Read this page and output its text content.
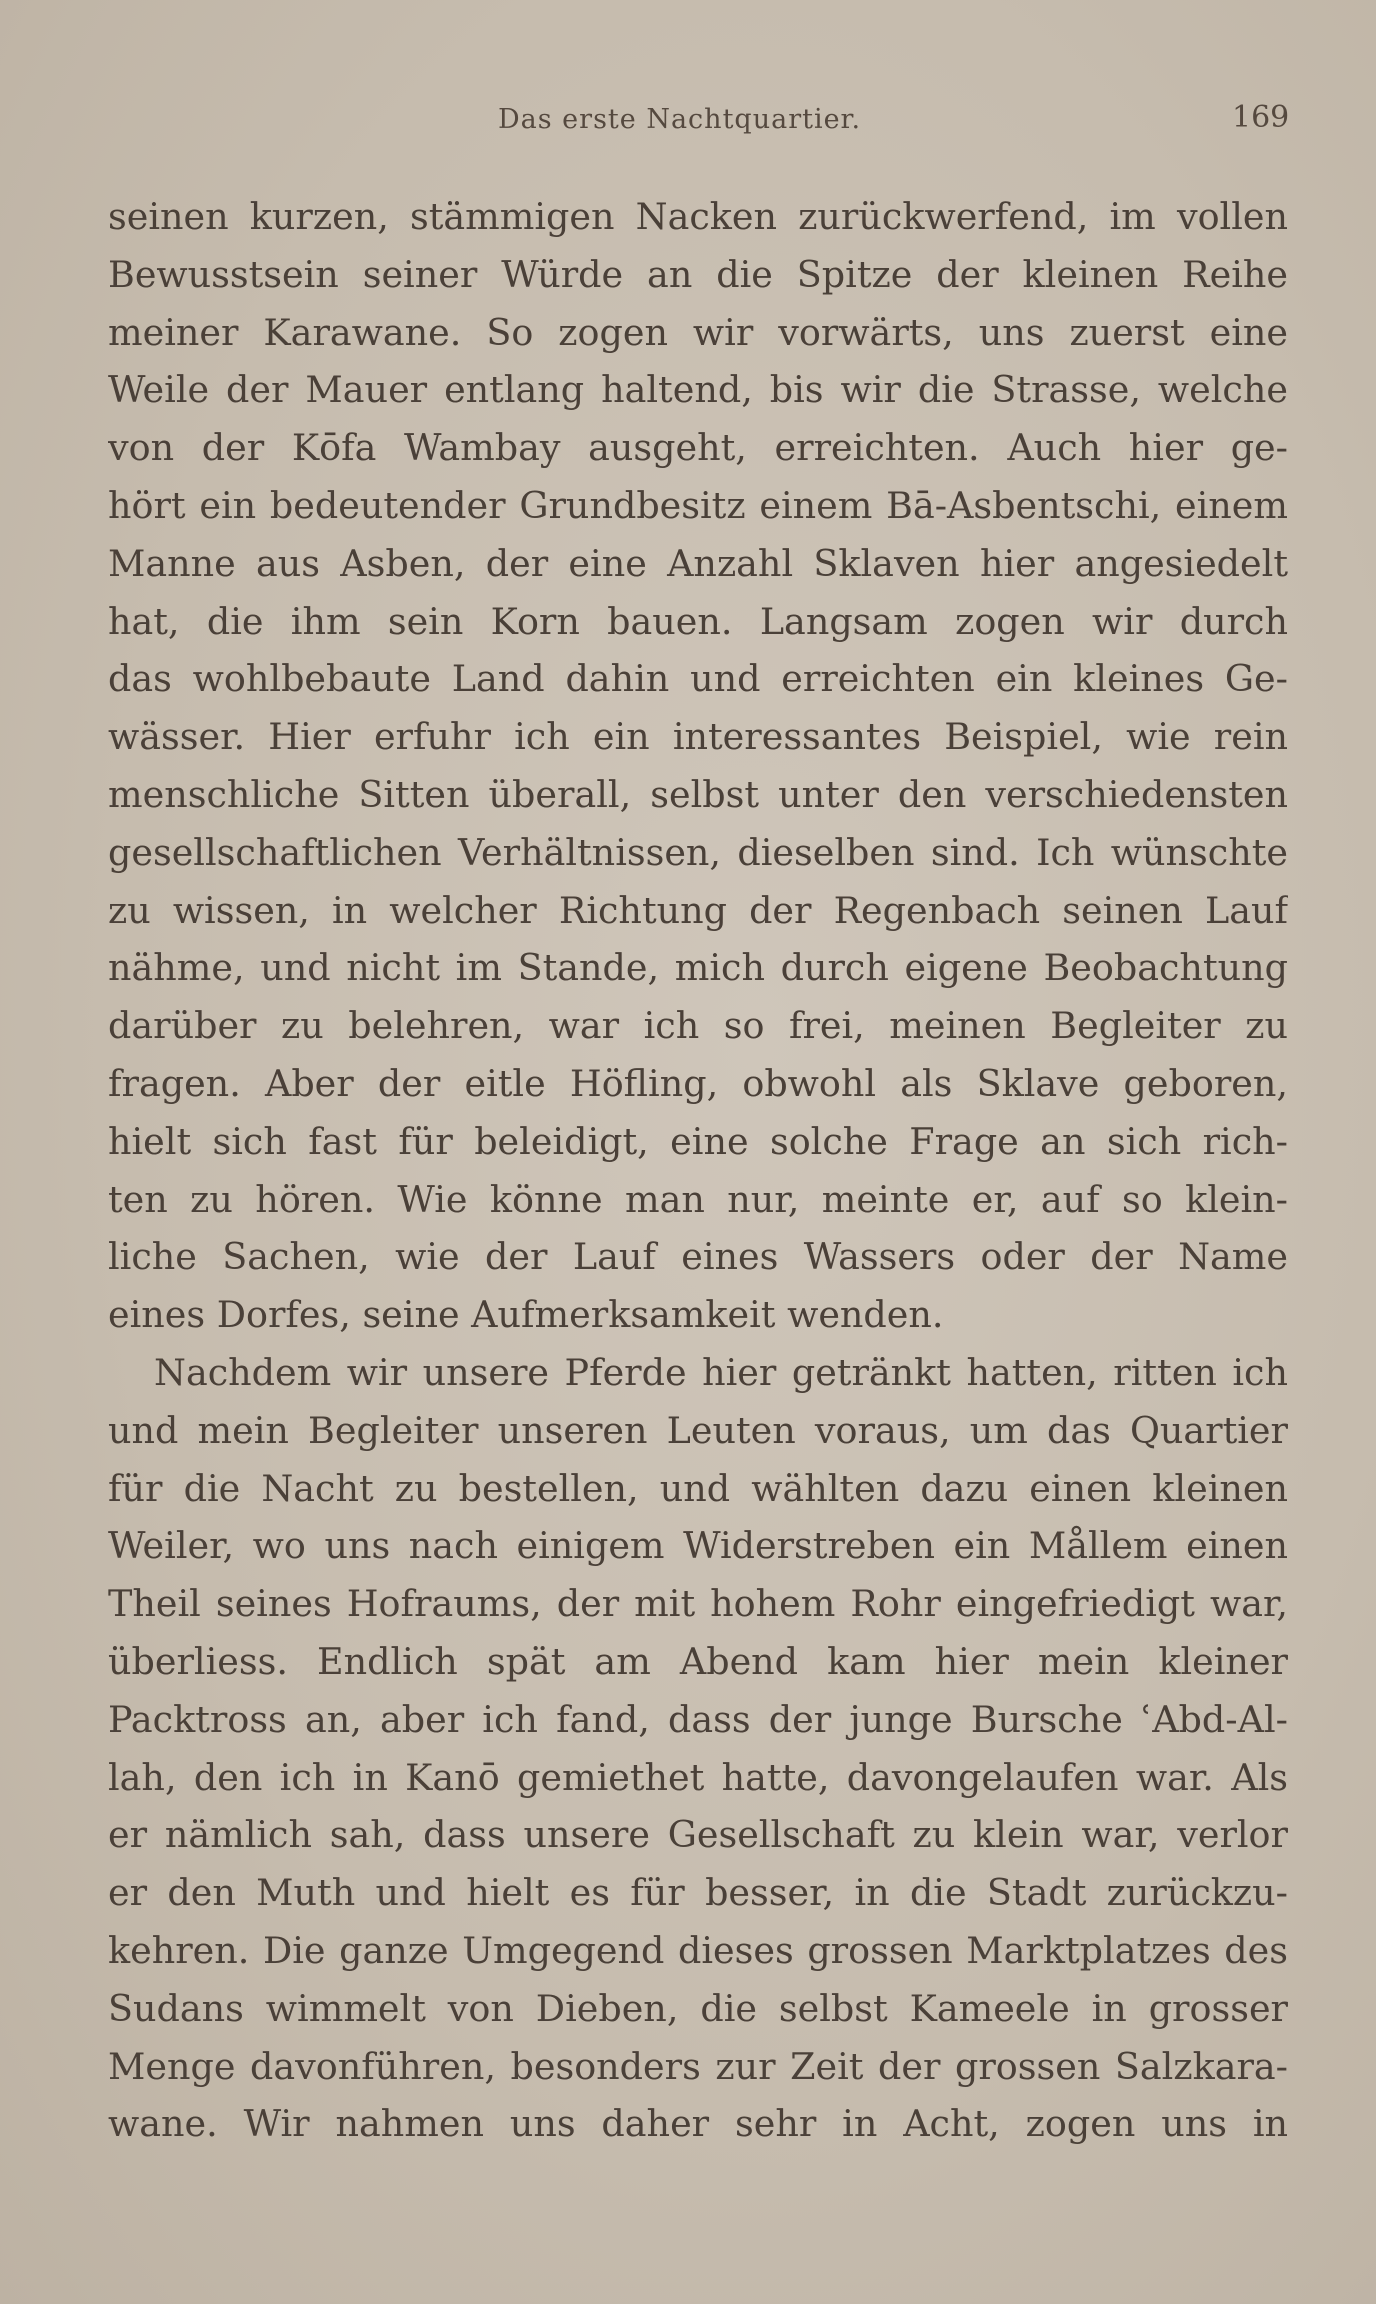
Das erste Nachtquartier.	169
seinen kurzen, stämmigen Nacken zurückwerfend, im vollen
Bewusstsein seiner Würde an die Spitze der kleinen Reihe
meiner Karawane. So zogen wir vorwärts, uns zuerst eine
Weile der Mauer entlang haltend, bis wir die Strasse, welche
von der Kōfa Wambay ausgeht, erreichten. Auch hier ge-
hört ein bedeutender Grundbesitz einem Bā-Asbentschi, einem
Manne aus Asben, der eine Anzahl Sklaven hier angesiedelt
hat, die ihm sein Korn bauen. Langsam zogen wir durch
das wohlbebaute Land dahin und erreichten ein kleines Ge-
wässer. Hier erfuhr ich ein interessantes Beispiel, wie rein
menschliche Sitten überall, selbst unter den verschiedensten
gesellschaftlichen Verhältnissen, dieselben sind. Ich wünschte
zu wissen, in welcher Richtung der Regenbach seinen Lauf
nähme, und nicht im Stande, mich durch eigene Beobachtung
darüber zu belehren, war ich so frei, meinen Begleiter zu
fragen. Aber der eitle Höfling, obwohl als Sklave geboren,
hielt sich fast für beleidigt, eine solche Frage an sich rich-
ten zu hören. Wie könne man nur, meinte er, auf so klein-
liche Sachen, wie der Lauf eines Wassers oder der Name
eines Dorfes, seine Aufmerksamkeit wenden.
Nachdem wir unsere Pferde hier getränkt hatten, ritten ich
und mein Begleiter unseren Leuten voraus, um das Quartier
für die Nacht zu bestellen, und wählten dazu einen kleinen
Weiler, wo uns nach einigem Widerstreben ein Mållem einen
Theil seines Hofraums, der mit hohem Rohr eingefriedigt war,
überliess. Endlich spät am Abend kam hier mein kleiner
Packtross an, aber ich fand, dass der junge Bursche ʿAbd-Al-
lah, den ich in Kanō gemiethet hatte, davongelaufen war. Als
er nämlich sah, dass unsere Gesellschaft zu klein war, verlor
er den Muth und hielt es für besser, in die Stadt zurückzu-
kehren. Die ganze Umgegend dieses grossen Marktplatzes des
Sudans wimmelt von Dieben, die selbst Kameele in grosser
Menge davonführen, besonders zur Zeit der grossen Salzkara-
wane. Wir nahmen uns daher sehr in Acht, zogen uns in
